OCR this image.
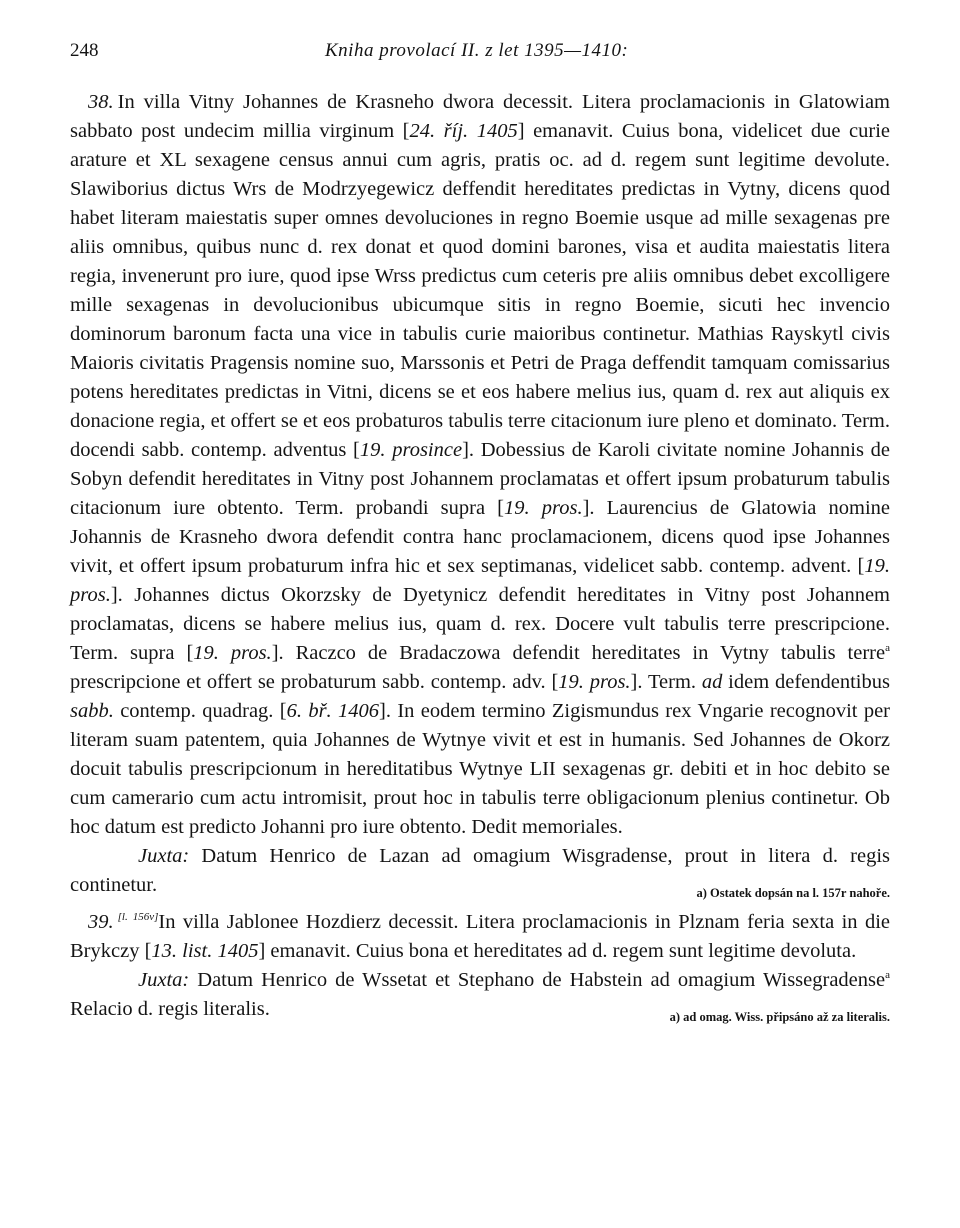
248	Kniha provolací II. z let 1395—1410:

38. In villa Vitny Johannes de Krasneho dwora decessit. Litera proclamacionis in Glatowiam sabbato post undecim millia virginum [24. říj. 1405] emanavit. Cuius bona, videlicet due curie arature et XL sexagene census annui cum agris, pratis oc. ad d. regem sunt legitime devolute. Slawiborius dictus Wrs de Modrzyegewicz deffendit hereditates predictas in Vytny, dicens quod habet literam maiestatis super omnes devoluciones in regno Boemie usque ad mille sexagenas pre aliis omnibus, quibus nunc d. rex donat et quod domini barones, visa et audita maiestatis litera regia, invenerunt pro iure, quod ipse Wrss predictus cum ceteris pre aliis omnibus debet excolligere mille sexagenas in devolucionibus ubicumque sitis in regno Boemie, sicuti hec invencio dominorum baronum facta una vice in tabulis curie maioribus continetur. Mathias Rayskytl civis Maioris civitatis Pragensis nomine suo, Marssonis et Petri de Praga deffendit tamquam comissarius potens hereditates predictas in Vitni, dicens se et eos habere melius ius, quam d. rex aut aliquis ex donacione regia, et offert se et eos probaturos tabulis terre citacionum iure pleno et dominato. Term. docendi sabb. contemp. adventus [19. prosince]. Dobessius de Karoli civitate nomine Johannis de Sobyn defendit hereditates in Vitny post Johannem proclamatas et offert ipsum probaturum tabulis citacionum iure obtento. Term. probandi supra [19. pros.]. Laurencius de Glatowia nomine Johannis de Krasneho dwora defendit contra hanc proclamacionem, dicens quod ipse Johannes vivit, et offert ipsum probaturum infra hic et sex septimanas, videlicet sabb. contemp. advent. [19. pros.]. Johannes dictus Okorzsky de Dyetynicz defendit hereditates in Vitny post Johannem proclamatas, dicens se habere melius ius, quam d. rex. Docere vult tabulis terre prescripcione. Term. supra [19. pros.]. Raczco de Bradaczowa defendit hereditates in Vytny tabulis terre$^a$ prescripcione et offert se probaturum sabb. contemp. adv. [19. pros.]. Term. ad idem defendentibus sabb. contemp. quadrag. [6. bř. 1406]. In eodem termino Zigismundus rex Vngarie recognovit per literam suam patentem, quia Johannes de Wytnye vivit et est in humanis. Sed Johannes de Okorz docuit tabulis prescripcionum in hereditatibus Wytnye LII sexagenas gr. debiti et in hoc debito se cum camerario cum actu intromisit, prout hoc in tabulis terre obligacionum plenius continetur. Ob hoc datum est predicto Johanni pro iure obtento. Dedit memoriales.

Juxta: Datum Henrico de Lazan ad omagium Wisgradense, prout in litera d. regis continetur.	a) Ostatek dopsán na l. 157r nahoře.

39. [l. 156v]In villa Jablonee Hozdierz decessit. Litera proclamacionis in Plznam feria sexta in die Brykczy [13. list. 1405] emanavit. Cuius bona et hereditates ad d. regem sunt legitime devoluta.

Juxta: Datum Henrico de Wssetat et Stephano de Habstein ad omagium Wissegradense$^a$ Relacio d. regis literalis.	a) ad omag. Wiss. připsáno až za literalis.
